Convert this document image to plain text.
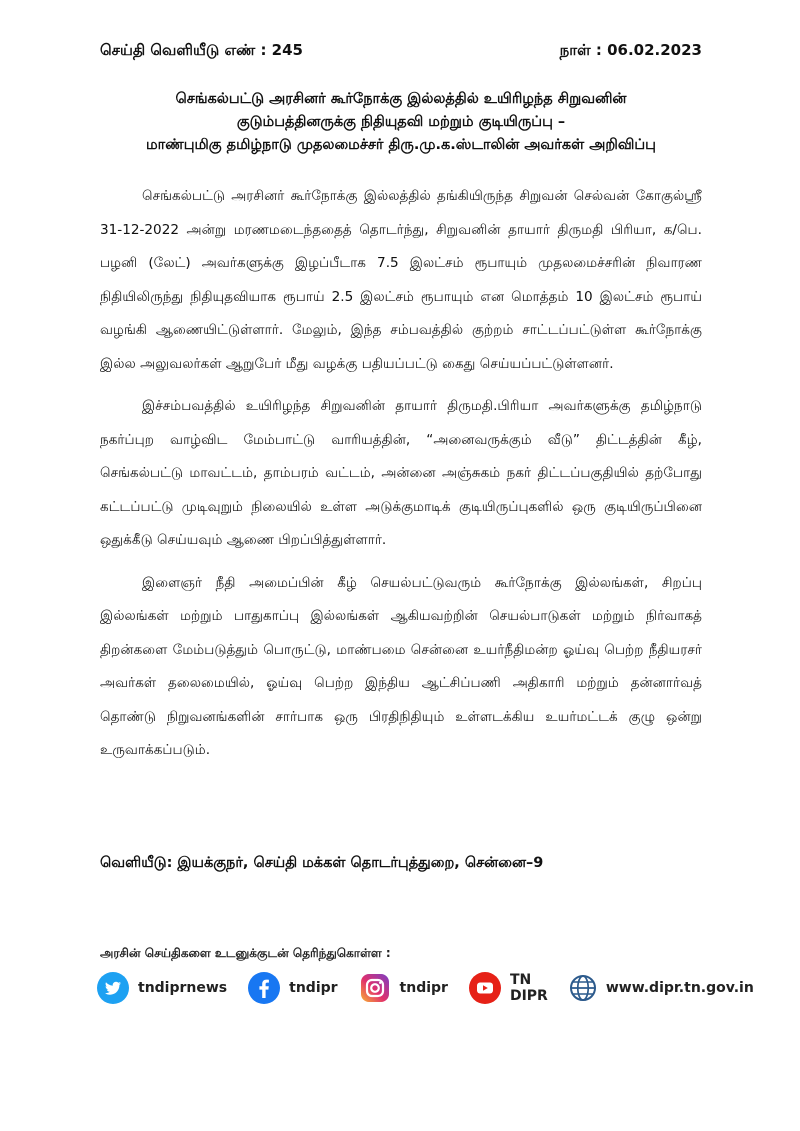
செய்தி வெளியீடு எண் : 245	நாள் : 06.02.2023
செங்கல்பட்டு அரசினர் கூர்நோக்கு இல்லத்தில் உயிரிழந்த சிறுவனின்
குடும்பத்தினருக்கு நிதியுதவி மற்றும் குடியிருப்பு –
மாண்புமிகு தமிழ்நாடு முதலமைச்சர் திரு.மு.க.ஸ்டாலின் அவர்கள் அறிவிப்பு

செங்கல்பட்டு அரசினர் கூர்நோக்கு இல்லத்தில் தங்கியிருந்த சிறுவன் செல்வன் கோகுல்ஸ்ரீ 31-12-2022 அன்று மரணமடைந்ததைத் தொடர்ந்து, சிறுவனின் தாயார் திருமதி பிரியா, க/பெ. பழனி (லேட்) அவர்களுக்கு இழப்பீடாக 7.5 இலட்சம் ரூபாயும் முதலமைச்சரின் நிவாரண நிதியிலிருந்து நிதியுதவியாக ரூபாய் 2.5 இலட்சம் ரூபாயும் என மொத்தம் 10 இலட்சம் ரூபாய் வழங்கி ஆணையிட்டுள்ளார். மேலும், இந்த சம்பவத்தில் குற்றம் சாட்டப்பட்டுள்ள கூர்நோக்கு இல்ல அலுவலர்கள் ஆறுபேர் மீது வழக்கு பதியப்பட்டு கைது செய்யப்பட்டுள்ளனர்.

இச்சம்பவத்தில் உயிரிழந்த சிறுவனின் தாயார் திருமதி.பிரியா அவர்களுக்கு தமிழ்நாடு நகர்ப்புற வாழ்விட மேம்பாட்டு வாரியத்தின், “அனைவருக்கும் வீடு” திட்டத்தின் கீழ், செங்கல்பட்டு மாவட்டம், தாம்பரம் வட்டம், அன்னை அஞ்சுகம் நகர் திட்டப்பகுதியில் தற்போது கட்டப்பட்டு முடிவுறும் நிலையில் உள்ள அடுக்குமாடிக் குடியிருப்புகளில் ஒரு குடியிருப்பினை ஒதுக்கீடு செய்யவும் ஆணை பிறப்பித்துள்ளார்.

இளைஞர் நீதி அமைப்பின் கீழ் செயல்பட்டுவரும் கூர்நோக்கு இல்லங்கள், சிறப்பு இல்லங்கள் மற்றும் பாதுகாப்பு இல்லங்கள் ஆகியவற்றின் செயல்பாடுகள் மற்றும் நிர்வாகத் திறன்களை மேம்படுத்தும் பொருட்டு, மாண்பமை சென்னை உயர்நீதிமன்ற ஓய்வு பெற்ற நீதியரசர் அவர்கள் தலைமையில், ஓய்வு பெற்ற இந்திய ஆட்சிப்பணி அதிகாரி மற்றும் தன்னார்வத் தொண்டு நிறுவனங்களின் சார்பாக ஒரு பிரதிநிதியும் உள்ளடக்கிய உயர்மட்டக் குழு ஒன்று உருவாக்கப்படும்.

வெளியீடு: இயக்குநர், செய்தி மக்கள் தொடர்புத்துறை, சென்னை–9
அரசின் செய்திகளை உடனுக்குடன் தெரிந்துகொள்ள :
tndiprnews	tndipr	tndipr	TN DIPR	www.dipr.tn.gov.in
